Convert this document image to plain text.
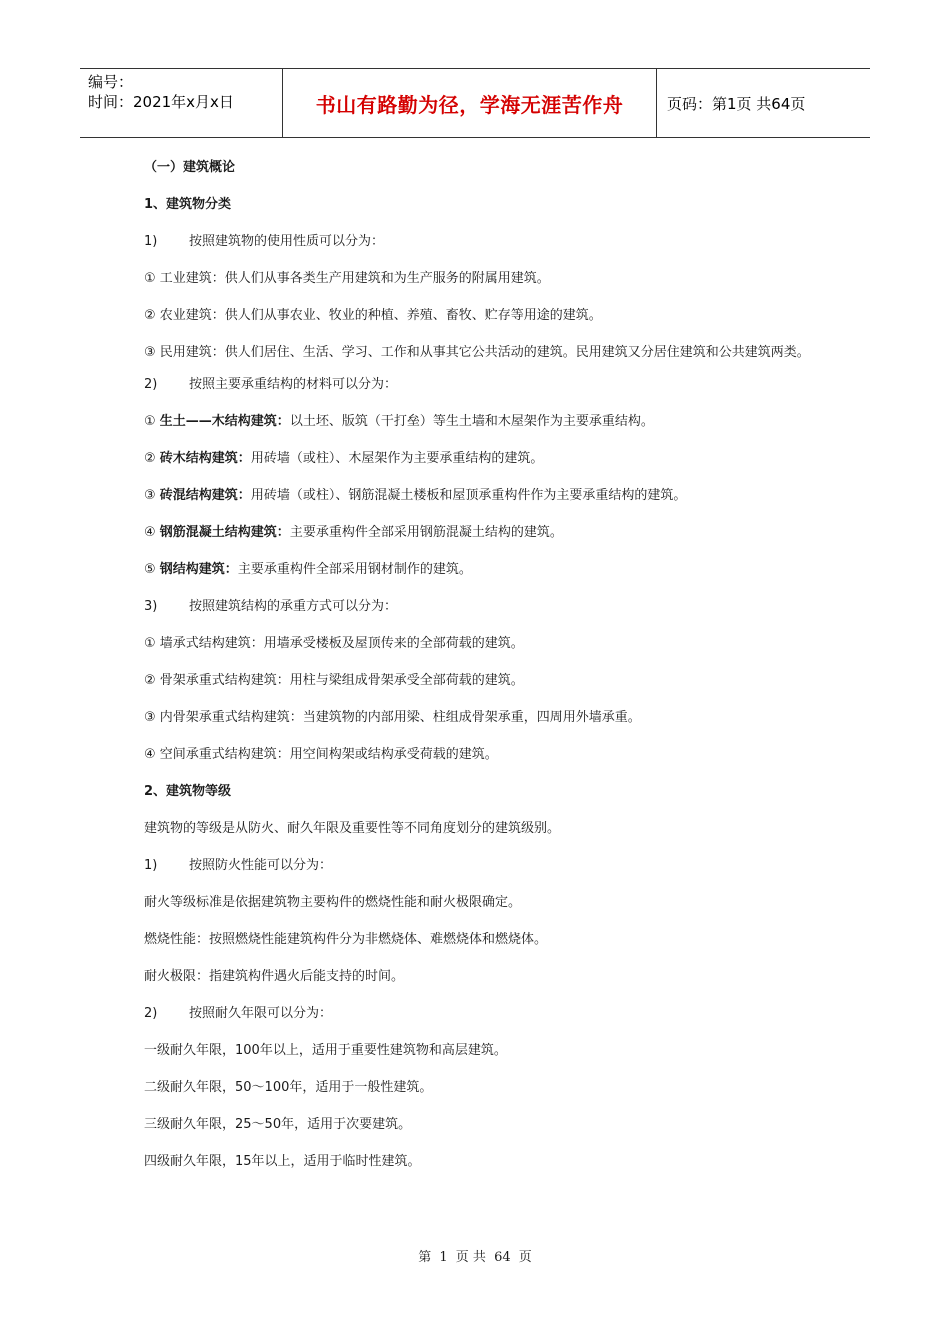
编号：
时间：2021年x月x日	书山有路勤为径，学海无涯苦作舟	页码：第1页 共64页
（一）建筑概论
1、建筑物分类
1) 按照建筑物的使用性质可以分为：
① 工业建筑：供人们从事各类生产用建筑和为生产服务的附属用建筑。
② 农业建筑：供人们从事农业、牧业的种植、养殖、畜牧、贮存等用途的建筑。
③ 民用建筑：供人们居住、生活、学习、工作和从事其它公共活动的建筑。民用建筑又分居住建筑和公共建筑两类。
2) 按照主要承重结构的材料可以分为：
① 生土——木结构建筑：以土坯、版筑（干打垒）等生土墙和木屋架作为主要承重结构。
② 砖木结构建筑：用砖墙（或柱）、木屋架作为主要承重结构的建筑。
③ 砖混结构建筑：用砖墙（或柱）、钢筋混凝土楼板和屋顶承重构件作为主要承重结构的建筑。
④ 钢筋混凝土结构建筑：主要承重构件全部采用钢筋混凝土结构的建筑。
⑤ 钢结构建筑：主要承重构件全部采用钢材制作的建筑。
3) 按照建筑结构的承重方式可以分为：
① 墙承式结构建筑：用墙承受楼板及屋顶传来的全部荷载的建筑。
② 骨架承重式结构建筑：用柱与梁组成骨架承受全部荷载的建筑。
③ 内骨架承重式结构建筑：当建筑物的内部用梁、柱组成骨架承重，四周用外墙承重。
④ 空间承重式结构建筑：用空间构架或结构承受荷载的建筑。
2、建筑物等级
建筑物的等级是从防火、耐久年限及重要性等不同角度划分的建筑级别。
1) 按照防火性能可以分为：
耐火等级标准是依据建筑物主要构件的燃烧性能和耐火极限确定。
燃烧性能：按照燃烧性能建筑构件分为非燃烧体、难燃烧体和燃烧体。
耐火极限：指建筑构件遇火后能支持的时间。
2) 按照耐久年限可以分为：
一级耐久年限，100年以上，适用于重要性建筑物和高层建筑。
二级耐久年限，50～100年，适用于一般性建筑。
三级耐久年限，25～50年，适用于次要建筑。
四级耐久年限，15年以上，适用于临时性建筑。
第 1 页 共 64 页
